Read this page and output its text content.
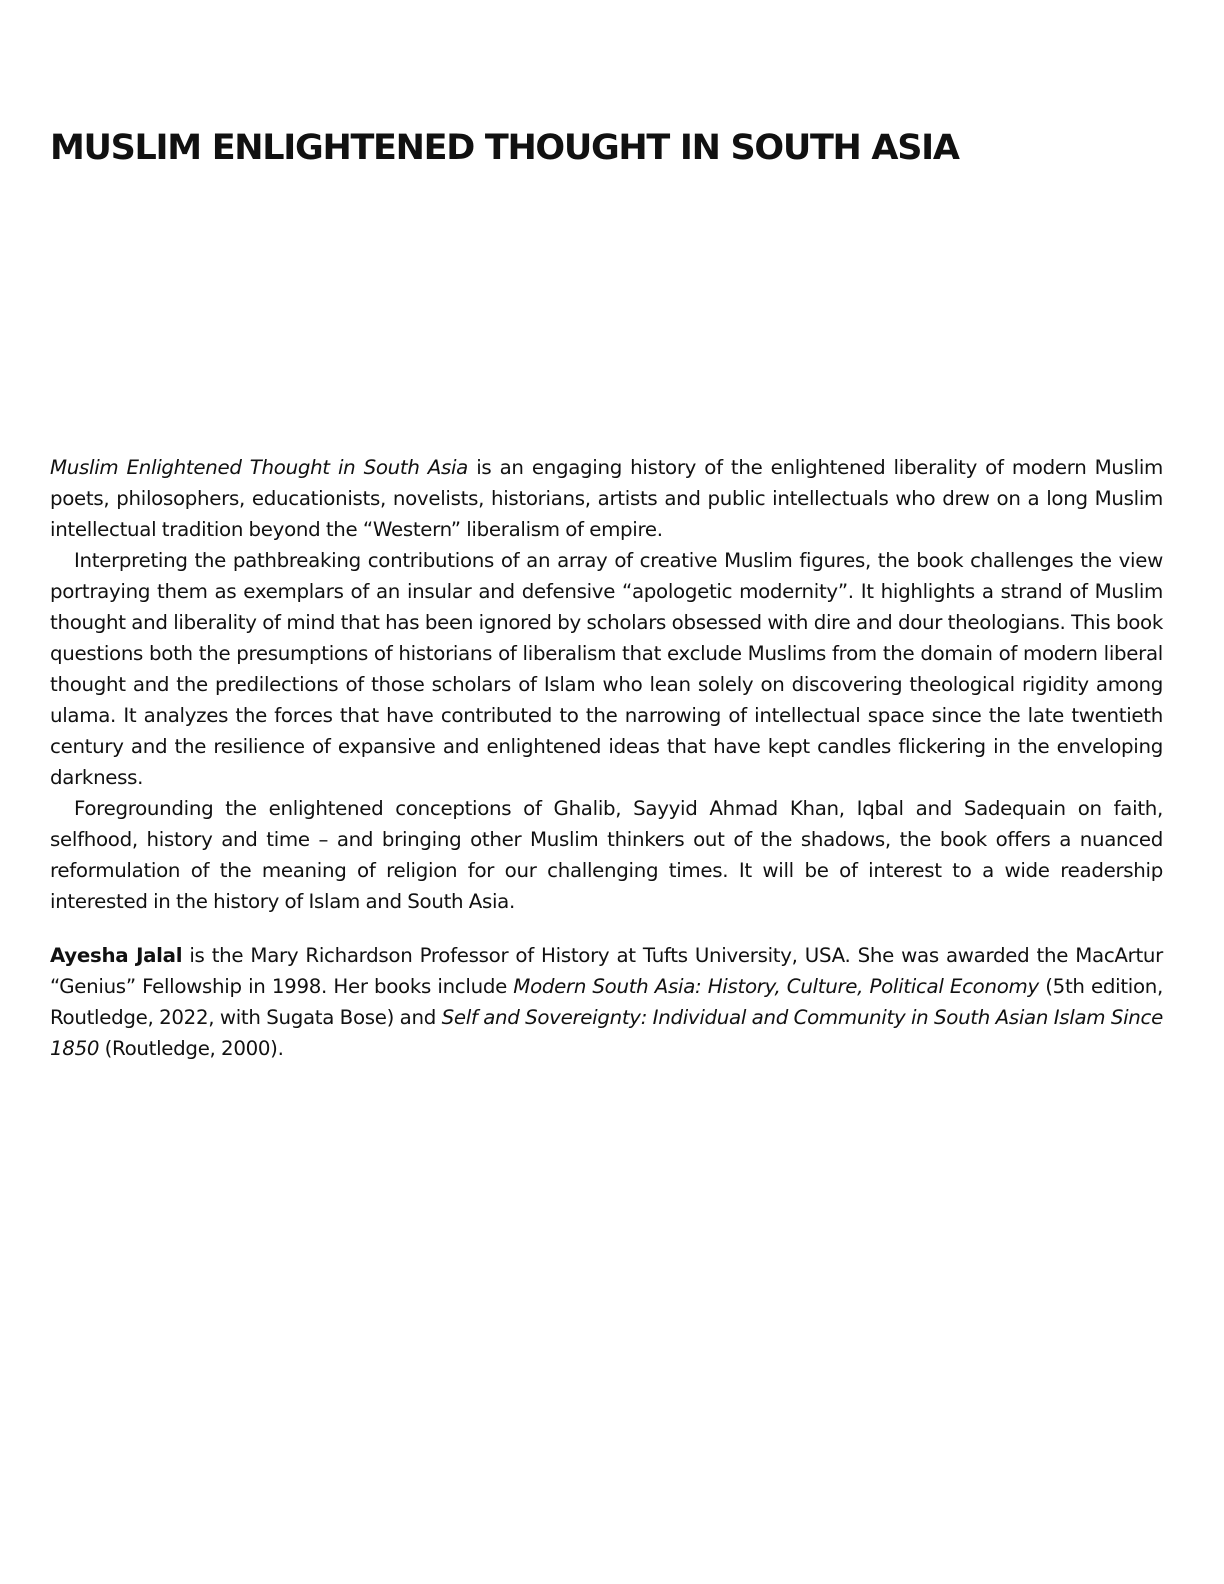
MUSLIM ENLIGHTENED THOUGHT IN SOUTH ASIA

Muslim Enlightened Thought in South Asia is an engaging history of the enlightened liberality of modern Muslim poets, philosophers, educationists, novelists, historians, artists and public intellectuals who drew on a long Muslim intellectual tradition beyond the “Western” liberalism of empire.

Interpreting the pathbreaking contributions of an array of creative Muslim figures, the book challenges the view portraying them as exemplars of an insular and defensive “apologetic modernity”. It highlights a strand of Muslim thought and liberality of mind that has been ignored by scholars obsessed with dire and dour theologians. This book questions both the presumptions of historians of liberalism that exclude Muslims from the domain of modern liberal thought and the predilections of those scholars of Islam who lean solely on discovering theological rigidity among ulama. It analyzes the forces that have contributed to the narrowing of intellectual space since the late twentieth century and the resilience of expansive and enlightened ideas that have kept candles flickering in the enveloping darkness.

Foregrounding the enlightened conceptions of Ghalib, Sayyid Ahmad Khan, Iqbal and Sadequain on faith, selfhood, history and time – and bringing other Muslim thinkers out of the shadows, the book offers a nuanced reformulation of the meaning of religion for our challenging times. It will be of interest to a wide readership interested in the history of Islam and South Asia.

Ayesha Jalal is the Mary Richardson Professor of History at Tufts University, USA. She was awarded the MacArtur “Genius” Fellowship in 1998. Her books include Modern South Asia: History, Culture, Political Economy (5th edition, Routledge, 2022, with Sugata Bose) and Self and Sovereignty: Individual and Community in South Asian Islam Since 1850 (Routledge, 2000).
